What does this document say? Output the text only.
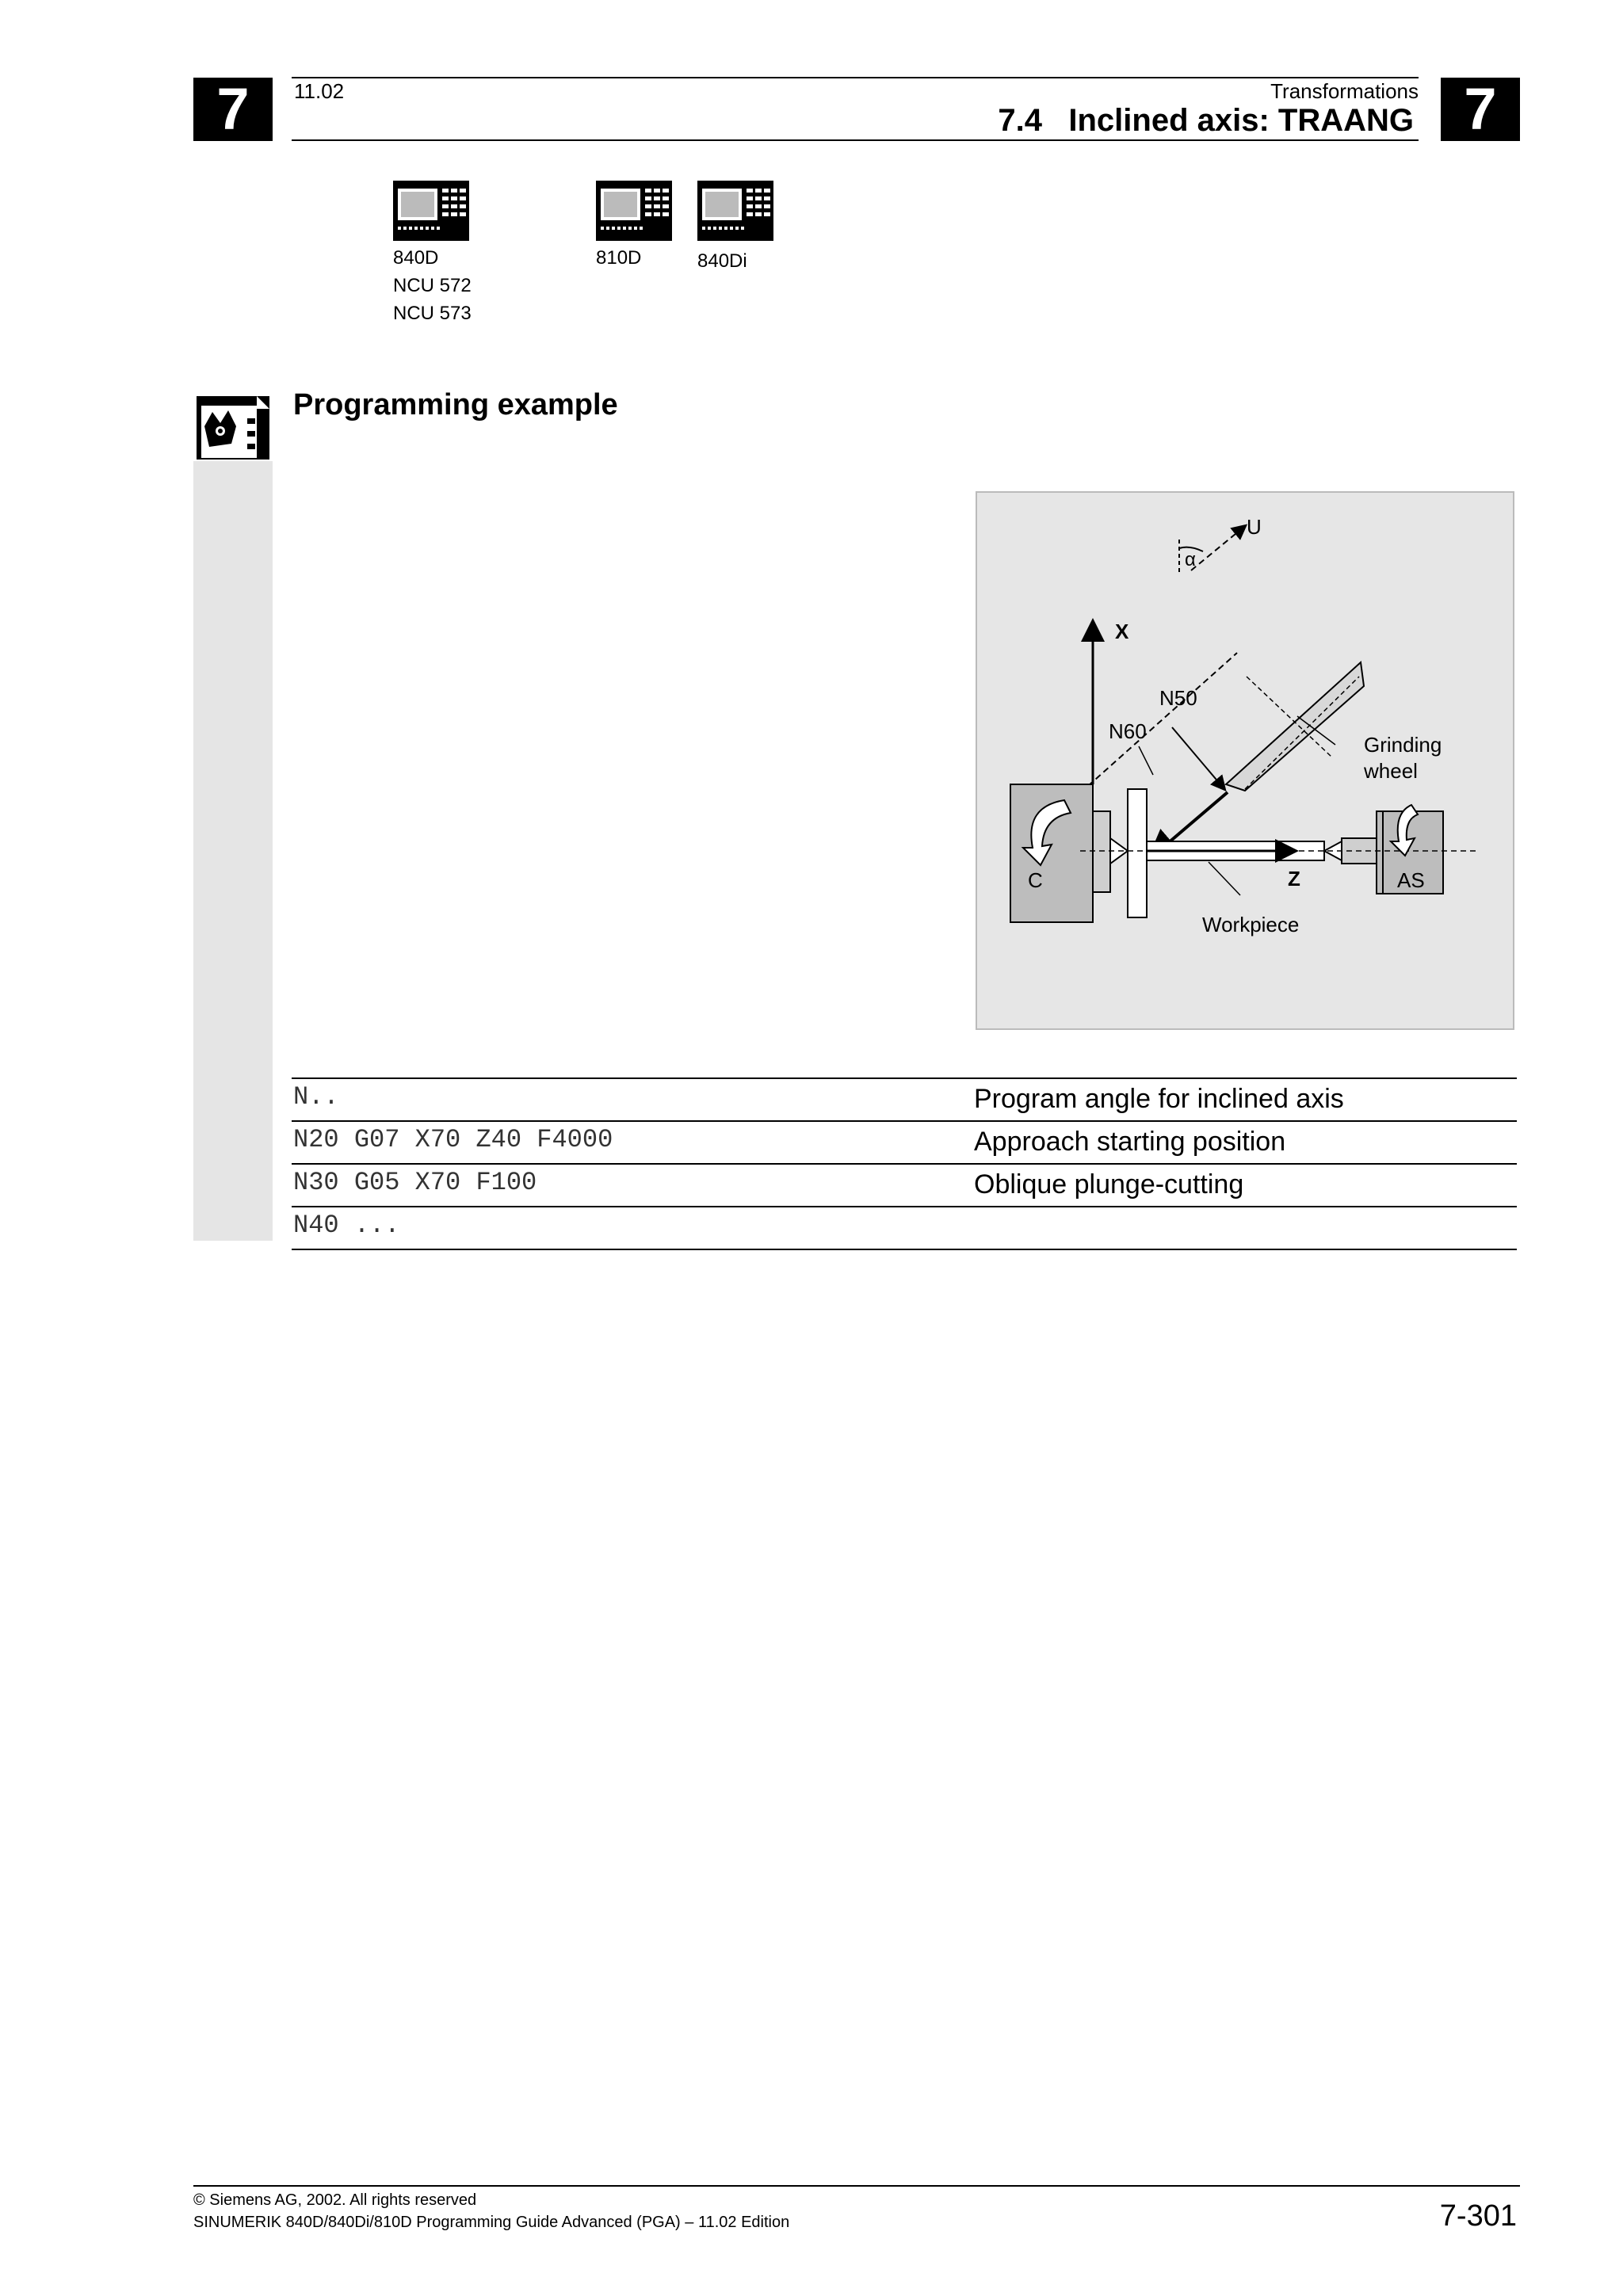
7	7
11.02	Transformations
7.4 Inclined axis: TRAANG
840D
NCU 572
NCU 573
810D	840Di
Programming example
U
α
X
Grinding
wheel
N50
N60
C	Z
Workpiece
AS
N..	Program angle for inclined axis
N20 G07 X70 Z40 F4000	Approach starting position
N30 G05 X70 F100	Oblique plunge-cutting
N40 ...
© Siemens AG, 2002. All rights reserved
SINUMERIK 840D/840Di/810D Programming Guide Advanced (PGA) – 11.02 Edition	7-301
